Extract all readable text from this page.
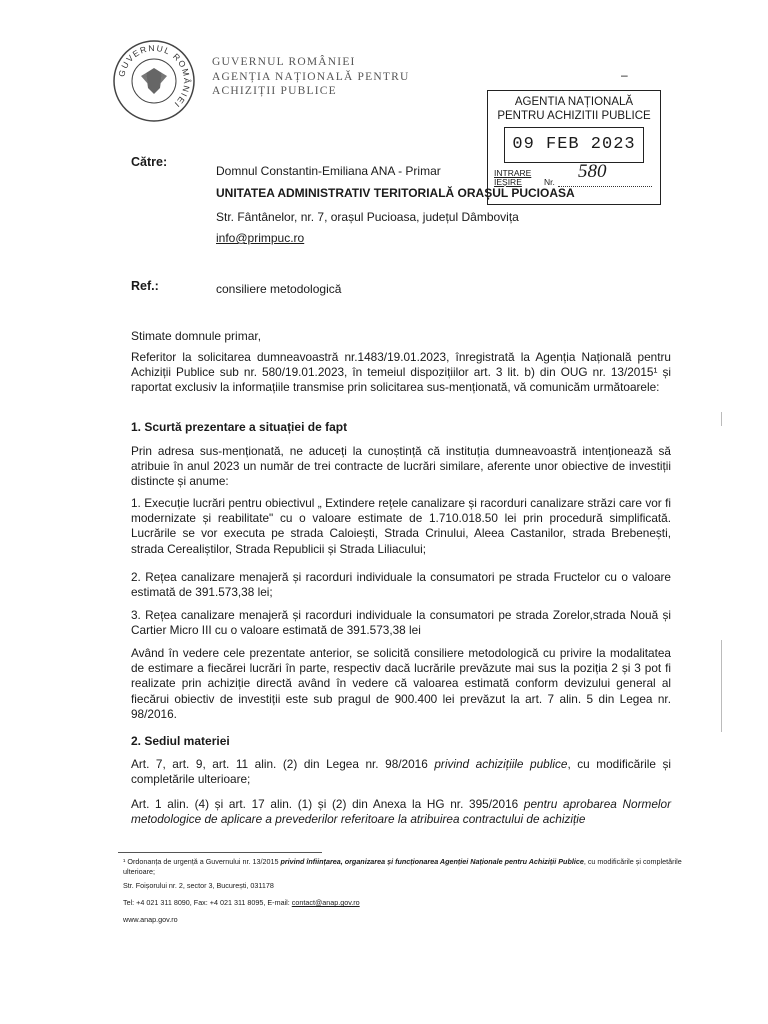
GUVERNUL ROMÂNIEI
GUVERNUL ROMÂNIEI
AGENȚIA NAȚIONALĂ PENTRU
ACHIZIȚII PUBLICE
–
AGENTIA NAȚIONALĂ
PENTRU ACHIZITII PUBLICE
09 FEB 2023
INTRARE
IEȘIRE	Nr. 580
Către:
Domnul Constantin-Emiliana ANA - Primar
UNITATEA ADMINISTRATIV TERITORIALĂ ORAȘUL PUCIOASA
Str. Fântânelor, nr. 7, orașul Pucioasa, județul Dâmbovița
info@primpuc.ro
Ref.:	consiliere metodologică
Stimate domnule primar,
Referitor la solicitarea dumneavoastră nr.1483/19.01.2023, înregistrată la Agenția Națională pentru Achiziții Publice sub nr. 580/19.01.2023, în temeiul dispozițiilor art. 3 lit. b) din OUG nr. 13/2015¹ și raportat exclusiv la informațiile transmise prin solicitarea sus-menționată, vă comunicăm următoarele:
1. Scurtă prezentare a situației de fapt
Prin adresa sus-menționată, ne aduceți la cunoștință că instituția dumneavoastră intenționează să atribuie în anul 2023 un număr de trei contracte de lucrări similare, aferente unor obiective de investiții distincte și anume:
1. Execuție lucrări pentru obiectivul „ Extindere rețele canalizare și racorduri canalizare străzi care vor fi modernizate și reabilitate" cu o valoare estimate de 1.710.018.50 lei prin procedură simplificată. Lucrările se vor executa pe strada Caloiești, Strada Crinului, Aleea Castanilor, strada Brebenești, strada Cerealiștilor, Strada Republicii și Strada Liliacului;
2. Rețea canalizare menajeră și racorduri individuale la consumatori pe strada Fructelor cu o valoare estimată de 391.573,38 lei;
3. Rețea canalizare menajeră și racorduri individuale la consumatori pe strada Zorelor,strada Nouă și Cartier Micro III cu o valoare estimată de 391.573,38 lei
Având în vedere cele prezentate anterior, se solicită consiliere metodologică cu privire la modalitatea de estimare a fiecărei lucrări în parte, respectiv dacă lucrările prevăzute mai sus la poziția 2 și 3 pot fi realizate prin achiziție directă având în vedere că valoarea estimată conform devizului general al fiecărui obiectiv de investiții este sub pragul de 900.400 lei prevăzut la art. 7 alin. 5 din Legea nr. 98/2016.
2. Sediul materiei
Art. 7, art. 9, art. 11 alin. (2) din Legea nr. 98/2016 privind achizițiile publice, cu modificările și completările ulterioare;
Art. 1 alin. (4) și art. 17 alin. (1) și (2) din Anexa la HG nr. 395/2016 pentru aprobarea Normelor metodologice de aplicare a prevederilor referitoare la atribuirea contractului de achiziție
¹ Ordonanța de urgență a Guvernului nr. 13/2015 privind înființarea, organizarea și funcționarea Agenției Naționale pentru Achiziții Publice, cu modificările și completările ulterioare;
Str. Foișorului nr. 2, sector 3, București, 031178
Tel: +4 021 311 8090, Fax: +4 021 311 8095, E-mail: contact@anap.gov.ro
www.anap.gov.ro
